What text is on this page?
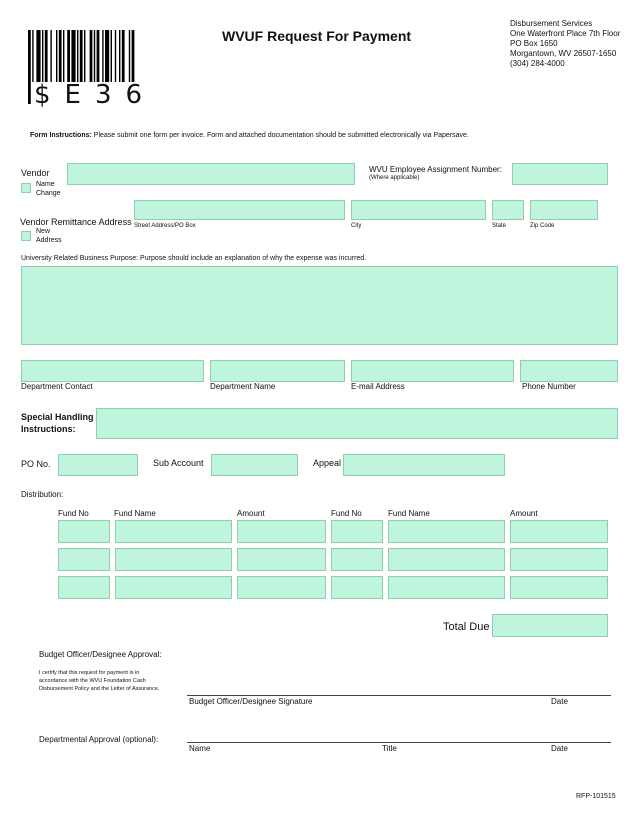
$E36
WVUF Request For Payment
Disbursement Services
One Waterfront Place 7th Floor
PO Box 1650
Morgantown, WV 26507-1650
(304) 284-4000
Form Instructions: Please submit one form per invoice. Form and attached documentation should be submitted electronically via Papersave.
Vendor
Name
Change
WVU Employee Assignment Number:
(Where applicable)
Vendor Remittance Address
New
Address
Street Address/PO Box	City	State	Zip Code
University Related Business Purpose: Purpose should include an explanation of why the expense was incurred.
Department Contact	Department Name	E-mail Address	Phone Number
Special Handling
Instructions:
PO No.	Sub Account	Appeal
Distribution:
Fund No	Fund Name	Amount	Fund No	Fund Name	Amount
Total Due
Budget Officer/Designee Approval:
I certify that this request for payment is in
accordance with the WVU Foundation Cash
Disbursement Policy and the Letter of Assurance.
Budget Officer/Designee Signature	Date
Departmental Approval (optional):
Name	Title	Date
RFP-101515
